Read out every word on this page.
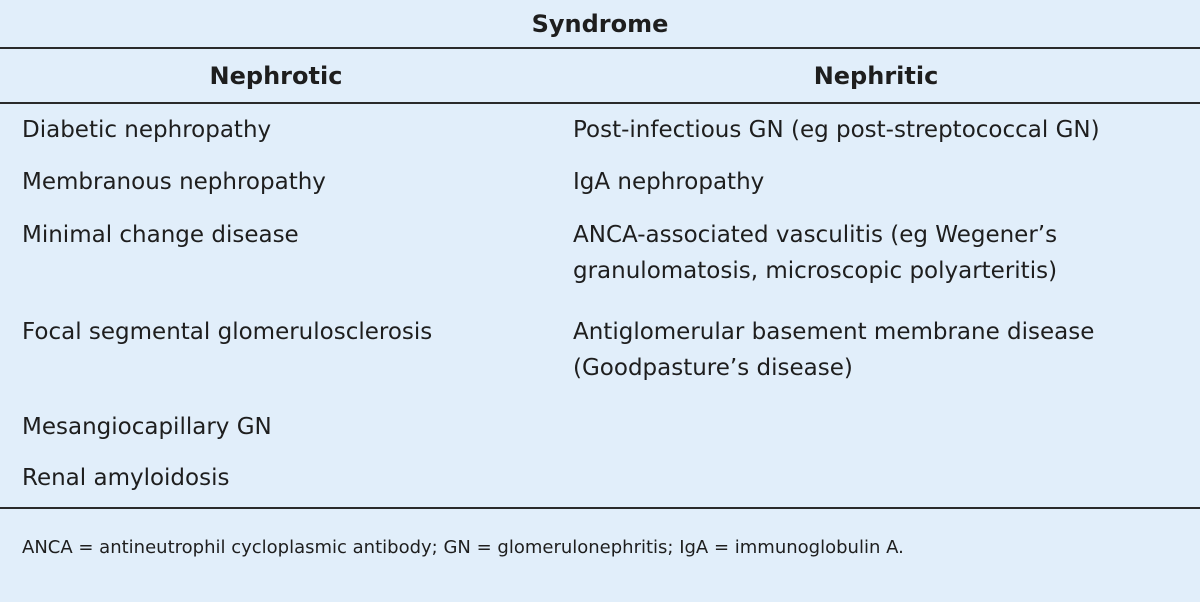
Syndrome
Nephrotic	Nephritic
Diabetic nephropathy
Membranous nephropathy
Minimal change disease
Focal segmental glomerulosclerosis
Mesangiocapillary GN
Renal amyloidosis
Post-infectious GN (eg post-streptococcal GN)
IgA nephropathy
ANCA-associated vasculitis (eg Wegener’s
granulomatosis, microscopic polyarteritis)
Antiglomerular basement membrane disease
(Goodpasture’s disease)
ANCA = antineutrophil cycloplasmic antibody; GN = glomerulonephritis; IgA = immunoglobulin A.
